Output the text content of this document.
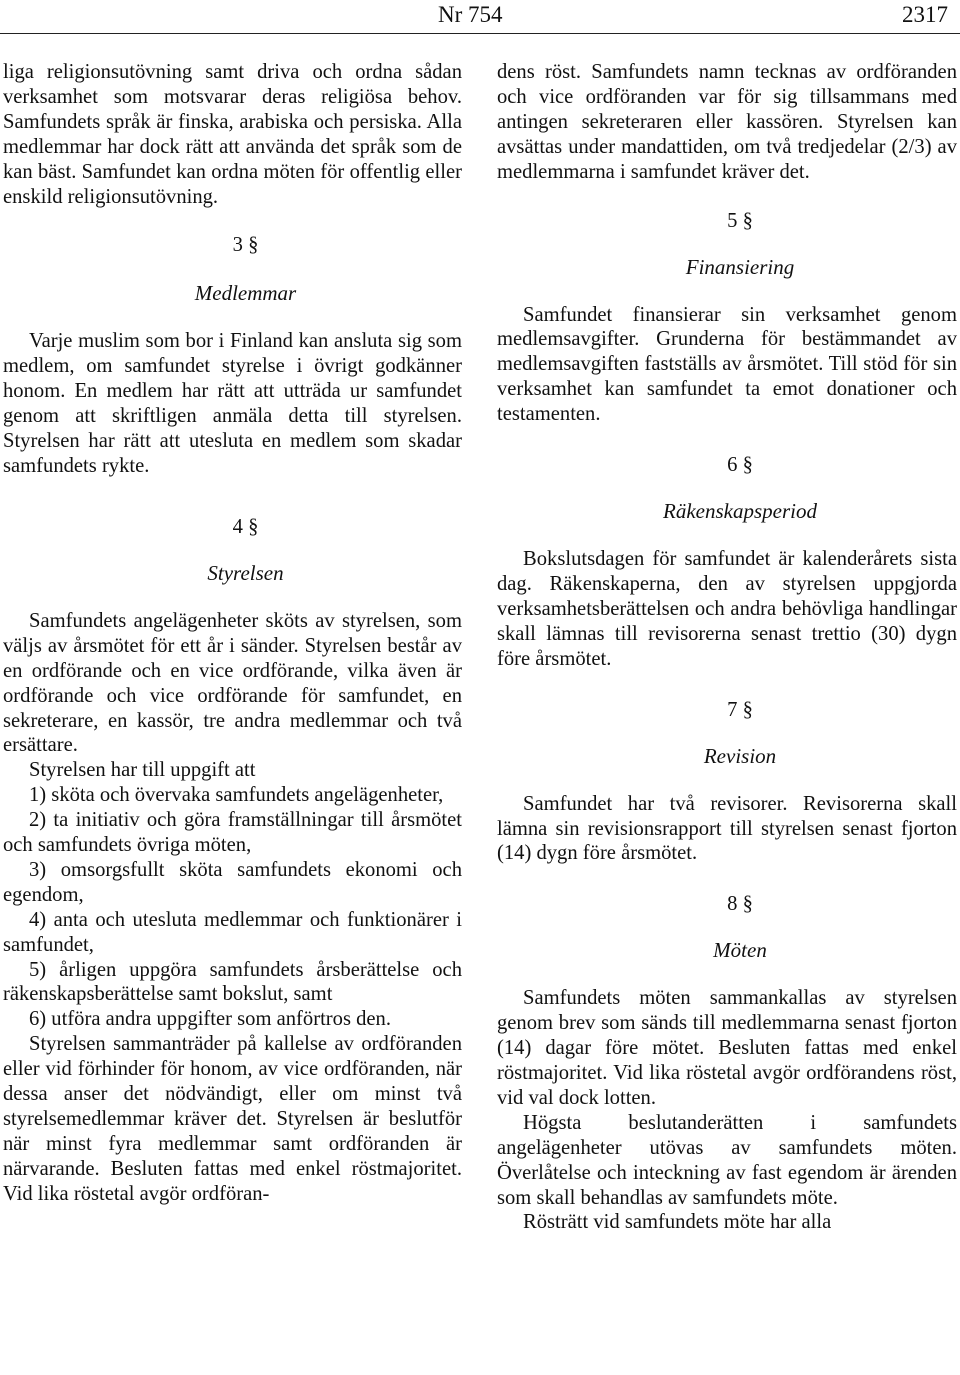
Nr 754	2317

liga religionsutövning samt driva och ordna sådan verksamhet som motsvarar deras religiösa behov. Samfundets språk är finska, arabiska och persiska. Alla medlemmar har dock rätt att använda det språk som de kan bäst. Samfundet kan ordna möten för offentlig eller enskild religionsutövning.

3 §

Medlemmar

Varje muslim som bor i Finland kan ansluta sig som medlem, om samfundet styrelse i övrigt godkänner honom. En medlem har rätt att utträda ur samfundet genom att skriftligen anmäla detta till styrelsen. Styrelsen har rätt att utesluta en medlem som skadar samfundets rykte.

4 §

Styrelsen

Samfundets angelägenheter sköts av styrelsen, som väljs av årsmötet för ett år i sänder. Styrelsen består av en ordförande och en vice ordförande, vilka även är ordförande och vice ordförande för samfundet, en sekreterare, en kassör, tre andra medlemmar och två ersättare.

Styrelsen har till uppgift att

1) sköta och övervaka samfundets angelägenheter,

2) ta initiativ och göra framställningar till årsmötet och samfundets övriga möten,

3) omsorgsfullt sköta samfundets ekonomi och egendom,

4) anta och utesluta medlemmar och funktionärer i samfundet,

5) årligen uppgöra samfundets årsberättelse och räkenskapsberättelse samt bokslut, samt

6) utföra andra uppgifter som anförtros den.

Styrelsen sammanträder på kallelse av ordföranden eller vid förhinder för honom, av vice ordföranden, när dessa anser det nödvändigt, eller om minst två styrelsemedlemmar kräver det. Styrelsen är beslutför när minst fyra medlemmar samt ordföranden är närvarande. Besluten fattas med enkel röstmajoritet. Vid lika röstetal avgör ordföran-

dens röst. Samfundets namn tecknas av ordföranden och vice ordföranden var för sig tillsammans med antingen sekreteraren eller kassören. Styrelsen kan avsättas under mandattiden, om två tredjedelar (2/3) av medlemmarna i samfundet kräver det.

5 §

Finansiering

Samfundet finansierar sin verksamhet genom medlemsavgifter. Grunderna för bestämmandet av medlemsavgiften fastställs av årsmötet. Till stöd för sin verksamhet kan samfundet ta emot donationer och testamenten.

6 §

Räkenskapsperiod

Bokslutsdagen för samfundet är kalenderårets sista dag. Räkenskaperna, den av styrelsen uppgjorda verksamhetsberättelsen och andra behövliga handlingar skall lämnas till revisorerna senast trettio (30) dygn före årsmötet.

7 §

Revision

Samfundet har två revisorer. Revisorerna skall lämna sin revisionsrapport till styrelsen senast fjorton (14) dygn före årsmötet.

8 §

Möten

Samfundets möten sammankallas av styrelsen genom brev som sänds till medlemmarna senast fjorton (14) dagar före mötet. Besluten fattas med enkel röstmajoritet. Vid lika röstetal avgör ordförandens röst, vid val dock lotten.

Högsta beslutanderätten i samfundets angelägenheter utövas av samfundets möten. Överlåtelse och inteckning av fast egendom är ärenden som skall behandlas av samfundets möte.

Rösträtt vid samfundets möte har alla
